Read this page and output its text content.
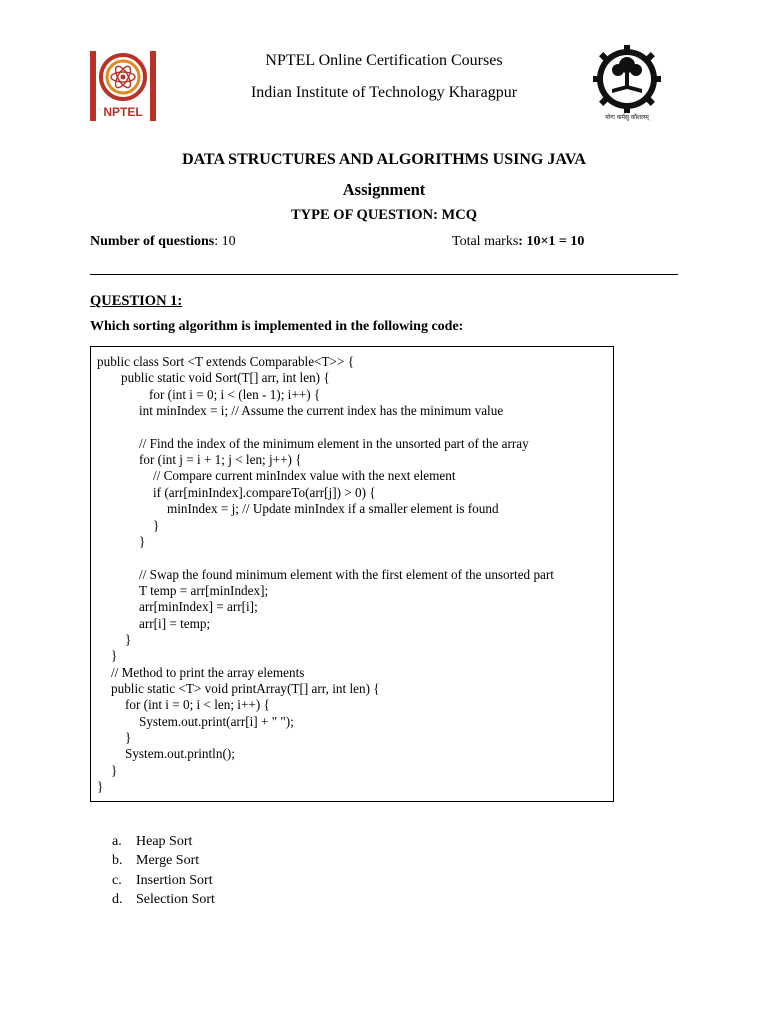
NPTEL
NPTEL Online Certification Courses
Indian Institute of Technology Kharagpur
योगः कर्मसु कौशलम्
DATA STRUCTURES AND ALGORITHMS USING JAVA
Assignment
TYPE OF QUESTION: MCQ
Number of questions: 10	Total marks: 10×1 = 10
QUESTION 1:
Which sorting algorithm is implemented in the following code:
public class Sort <T extends Comparable<T>> {
public static void Sort(T[] arr, int len) {
for (int i = 0; i < (len - 1); i++) {
int minIndex = i; // Assume the current index has the minimum value
// Find the index of the minimum element in the unsorted part of the array
for (int j = i + 1; j < len; j++) {
// Compare current minIndex value with the next element
if (arr[minIndex].compareTo(arr[j]) > 0) {
minIndex = j; // Update minIndex if a smaller element is found
}
}
// Swap the found minimum element with the first element of the unsorted part
T temp = arr[minIndex];
arr[minIndex] = arr[i];
arr[i] = temp;
}
}
// Method to print the array elements
public static <T> void printArray(T[] arr, int len) {
for (int i = 0; i < len; i++) {
System.out.print(arr[i] + " ");
}
System.out.println();
}
}
a. Heap Sort
b. Merge Sort
c. Insertion Sort
d. Selection Sort
